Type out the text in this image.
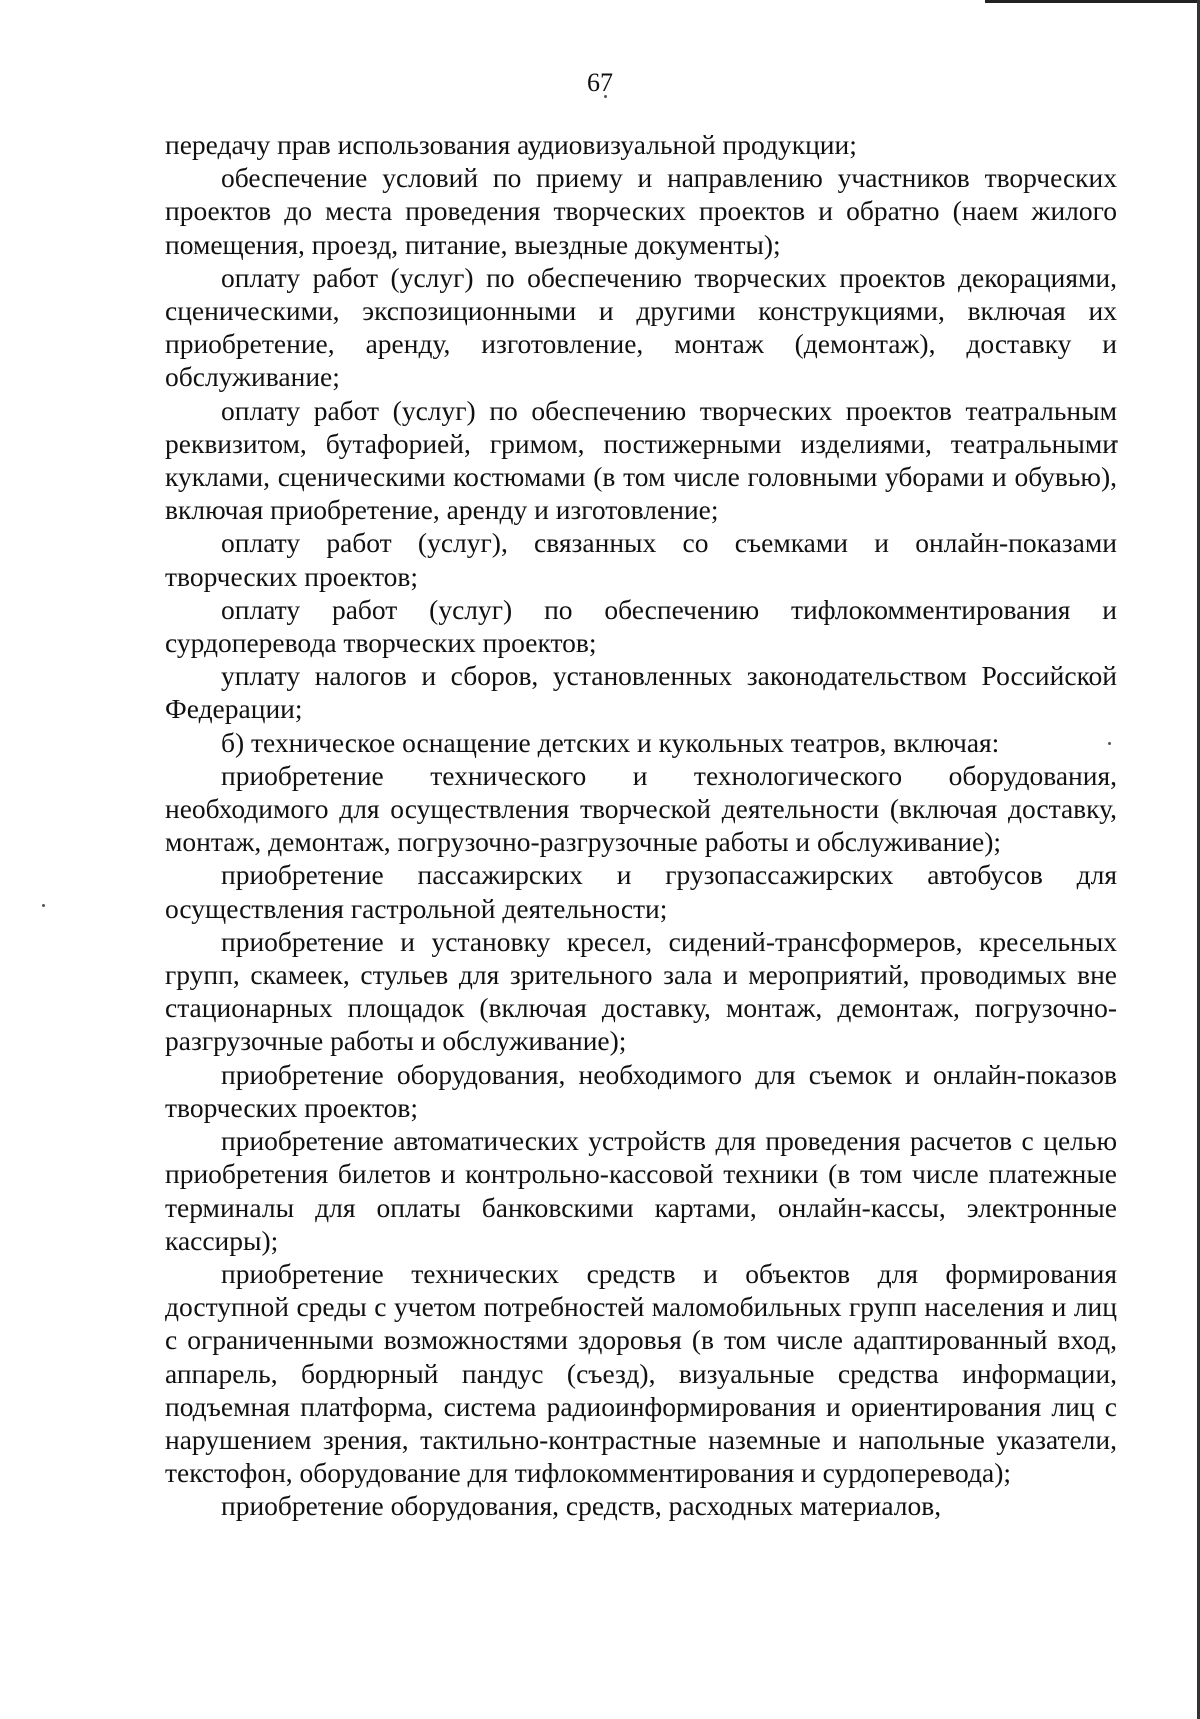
67

передачу прав использования аудиовизуальной продукции;

обеспечение условий по приему и направлению участников творческих проектов до места проведения творческих проектов и обратно (наем жилого помещения, проезд, питание, выездные документы);

оплату работ (услуг) по обеспечению творческих проектов декорациями, сценическими, экспозиционными и другими конструкциями, включая их приобретение, аренду, изготовление, монтаж (демонтаж), доставку и обслуживание;

оплату работ (услуг) по обеспечению творческих проектов театральным реквизитом, бутафорией, гримом, постижерными изделиями, театральными куклами, сценическими костюмами (в том числе головными уборами и обувью), включая приобретение, аренду и изготовление;

оплату работ (услуг), связанных со съемками и онлайн-показами творческих проектов;

оплату работ (услуг) по обеспечению тифлокомментирования и сурдоперевода творческих проектов;

уплату налогов и сборов, установленных законодательством Российской Федерации;

б) техническое оснащение детских и кукольных театров, включая:

приобретение технического и технологического оборудования, необходимого для осуществления творческой деятельности (включая доставку, монтаж, демонтаж, погрузочно-разгрузочные работы и обслуживание);

приобретение пассажирских и грузопассажирских автобусов для осуществления гастрольной деятельности;

приобретение и установку кресел, сидений-трансформеров, кресельных групп, скамеек, стульев для зрительного зала и мероприятий, проводимых вне стационарных площадок (включая доставку, монтаж, демонтаж, погрузочно-разгрузочные работы и обслуживание);

приобретение оборудования, необходимого для съемок и онлайн-показов творческих проектов;

приобретение автоматических устройств для проведения расчетов с целью приобретения билетов и контрольно-кассовой техники (в том числе платежные терминалы для оплаты банковскими картами, онлайн-кассы, электронные кассиры);

приобретение технических средств и объектов для формирования доступной среды с учетом потребностей маломобильных групп населения и лиц с ограниченными возможностями здоровья (в том числе адаптированный вход, аппарель, бордюрный пандус (съезд), визуальные средства информации, подъемная платформа, система радиоинформирования и ориентирования лиц с нарушением зрения, тактильно-контрастные наземные и напольные указатели, текстофон, оборудование для тифлокомментирования и сурдоперевода);

приобретение оборудования, средств, расходных материалов,
